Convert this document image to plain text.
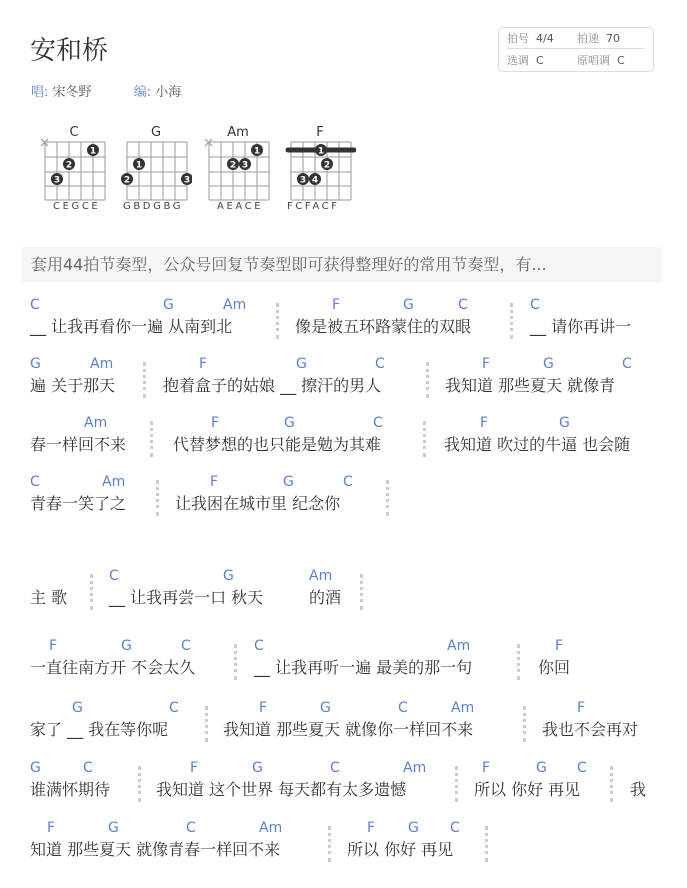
安和桥
唱: 宋冬野	编: 小海
拍号 4/4 拍速 70
选调 C	原唱调 C
C
1
2
3
CEGCE
G
1
2	3
GBDGBG
Am
1
2 3
AEACE
F
1
2
3 4
FCFACF
套用44拍节奏型，公众号回复节奏型即可获得整理好的常用节奏型，有...
C	G	Am	F	G	C	C
__ 让我再看你一遍 从南到北	像是被五环路蒙住的双眼	__ 请你再讲一
G	Am	F	G	C	F	G	C
遍 关于那天	抱着盒子的姑娘 __ 擦汗的男人	我知道 那些夏天 就像青
Am	F	G	C	F	G
春一样回不来	代替梦想的也只能是勉为其难	我知道 吹过的牛逼 也会随
C	Am	F	G	C
青春一笑了之	让我困在城市里 纪念你
主 歌
C	G	Am
__ 让我再尝一口 秋天	的酒
F	G	C	C	Am	F
一直往南方开 不会太久	__ 让我再听一遍 最美的那一句	你回
G	C	F	G	C	Am	F
家了 __ 我在等你呢	我知道 那些夏天 就像你一样回不来	我也不会再对
G	C	F	G	C	Am	F	G C
谁满怀期待	我知道 这个世界 每天都有太多遗憾	所以 你好 再见	我
F	G	C	Am	F G C
知道 那些夏天 就像青春一样回不来	所以 你好 再见
